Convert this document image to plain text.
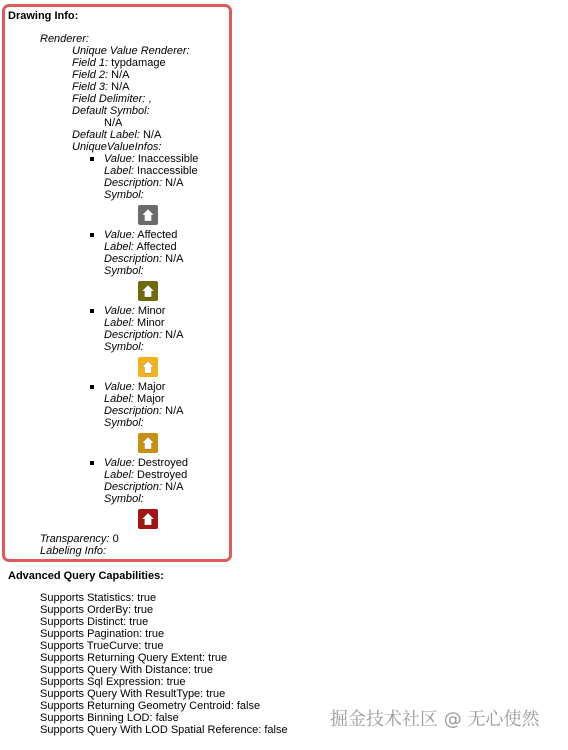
Drawing Info:
Renderer:
Unique Value Renderer:
Field 1: typdamage
Field 2: N/A
Field 3: N/A
Field Delimiter: ,
Default Symbol:
N/A
Default Label: N/A
UniqueValueInfos:
Value: Inaccessible
Label: Inaccessible
Description: N/A
Symbol:
Value: Affected
Label: Affected
Description: N/A
Symbol:
Value: Minor
Label: Minor
Description: N/A
Symbol:
Value: Major
Label: Major
Description: N/A
Symbol:
Value: Destroyed
Label: Destroyed
Description: N/A
Symbol:
Transparency: 0
Labeling Info:
Advanced Query Capabilities:
Supports Statistics: true
Supports OrderBy: true
Supports Distinct: true
Supports Pagination: true
Supports TrueCurve: true
Supports Returning Query Extent: true
Supports Query With Distance: true
Supports Sql Expression: true
Supports Query With ResultType: true
Supports Returning Geometry Centroid: false
Supports Binning LOD: false
Supports Query With LOD Spatial Reference: false 掘金技术社区 @ 无心使然
